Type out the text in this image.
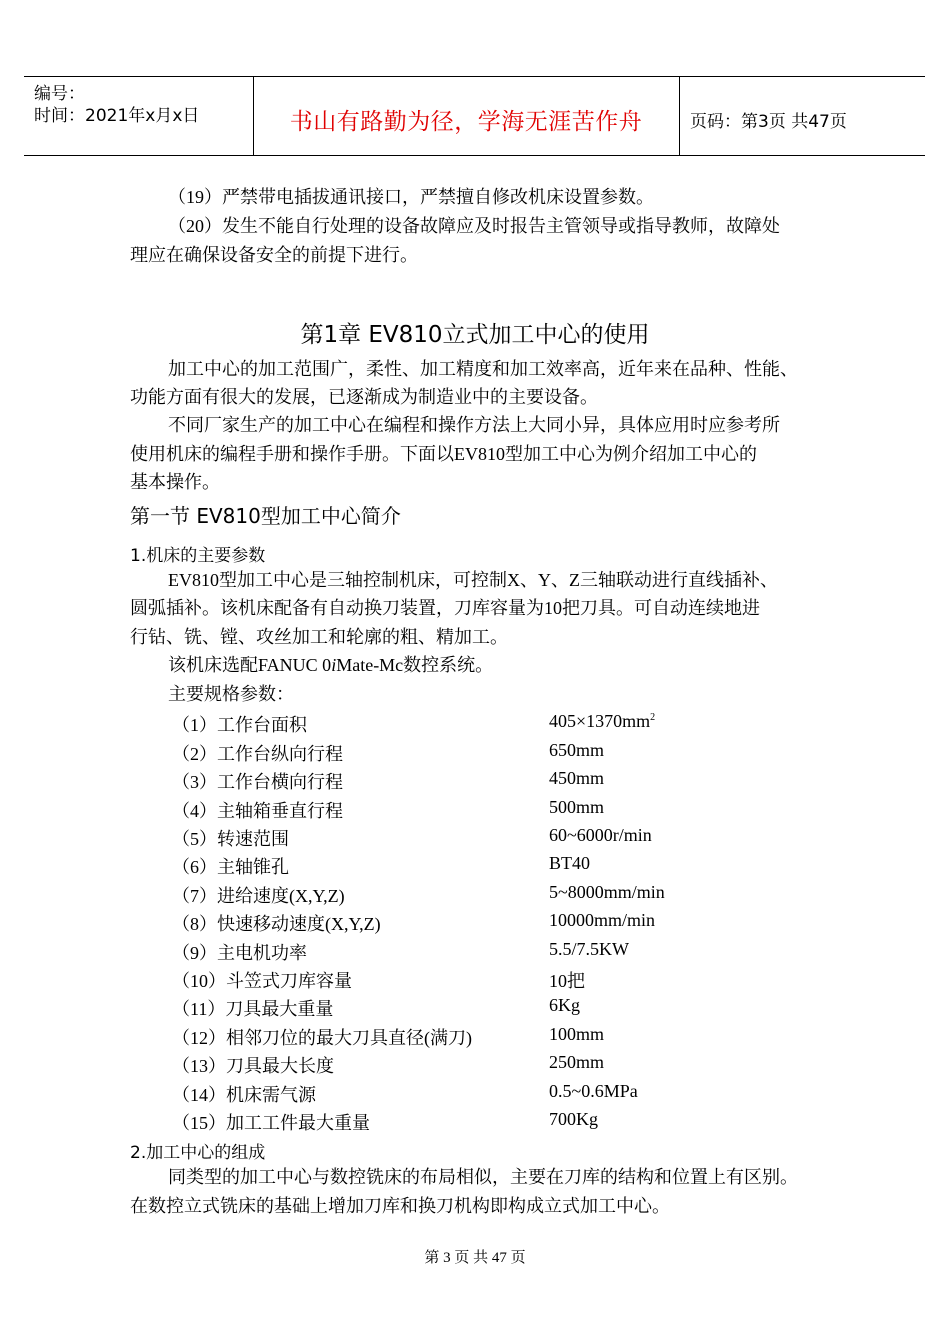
编号：
时间：2021年x月x日	书山有路勤为径，学海无涯苦作舟	页码：第3页 共47页
（19）严禁带电插拔通讯接口，严禁擅自修改机床设置参数。
（20）发生不能自行处理的设备故障应及时报告主管领导或指导教师，故障处
理应在确保设备安全的前提下进行。
第1章 EV810立式加工中心的使用
加工中心的加工范围广，柔性、加工精度和加工效率高，近年来在品种、性能、
功能方面有很大的发展，已逐渐成为制造业中的主要设备。
不同厂家生产的加工中心在编程和操作方法上大同小异，具体应用时应参考所
使用机床的编程手册和操作手册。下面以EV810型加工中心为例介绍加工中心的
基本操作。
第一节 EV810型加工中心简介
1.机床的主要参数
EV810型加工中心是三轴控制机床，可控制X、Y、Z三轴联动进行直线插补、
圆弧插补。该机床配备有自动换刀装置，刀库容量为10把刀具。可自动连续地进
行钻、铣、镗、攻丝加工和轮廓的粗、精加工。
该机床选配FANUC 0iMate-Mc数控系统。
主要规格参数：
（1）工作台面积	$405\times 1370mm^2$
（2）工作台纵向行程	650mm
（3）工作台横向行程	450mm
（4）主轴箱垂直行程	500mm
（5）转速范围	60~6000r/min
（6）主轴锥孔	BT40
（7）进给速度(X,Y,Z)	5~8000mm/min
（8）快速移动速度(X,Y,Z)	10000mm/min
（9）主电机功率	5.5/7.5KW
（10）斗笠式刀库容量	10把
（11）刀具最大重量	6Kg
（12）相邻刀位的最大刀具直径(满刀)	100mm
（13）刀具最大长度	250mm
（14）机床需气源	0.5~0.6MPa
（15）加工工件最大重量	700Kg
2.加工中心的组成
同类型的加工中心与数控铣床的布局相似，主要在刀库的结构和位置上有区别。
在数控立式铣床的基础上增加刀库和换刀机构即构成立式加工中心。
第 3 页 共 47 页
